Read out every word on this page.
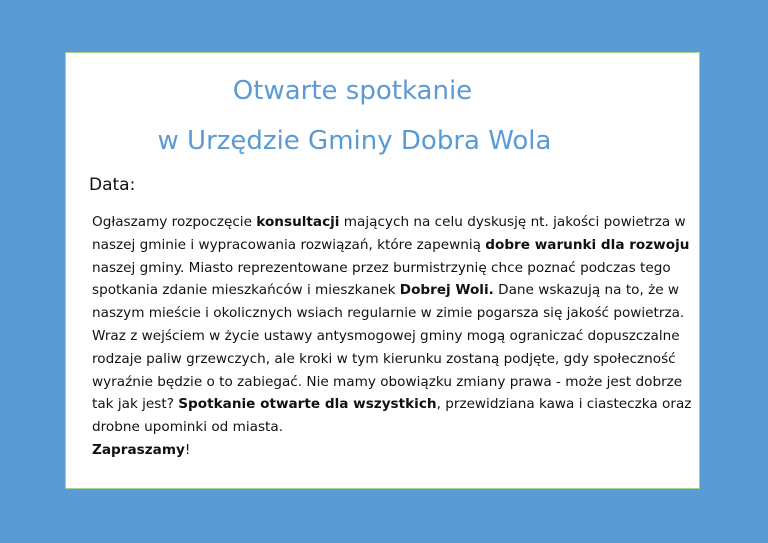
Otwarte spotkanie
w Urzędzie Gminy Dobra Wola
Data:
Ogłaszamy rozpoczęcie konsultacji mających na celu dyskusję nt. jakości powietrza w
naszej gminie i wypracowania rozwiązań, które zapewnią dobre warunki dla rozwoju
naszej gminy. Miasto reprezentowane przez burmistrzynię chce poznać podczas tego
spotkania zdanie mieszkańców i mieszkanek Dobrej Woli. Dane wskazują na to, że w
naszym mieście i okolicznych wsiach regularnie w zimie pogarsza się jakość powietrza.
Wraz z wejściem w życie ustawy antysmogowej gminy mogą ograniczać dopuszczalne
rodzaje paliw grzewczych, ale kroki w tym kierunku zostaną podjęte, gdy społeczność
wyraźnie będzie o to zabiegać. Nie mamy obowiązku zmiany prawa - może jest dobrze
tak jak jest? Spotkanie otwarte dla wszystkich, przewidziana kawa i ciasteczka oraz
drobne upominki od miasta.
Zapraszamy!
